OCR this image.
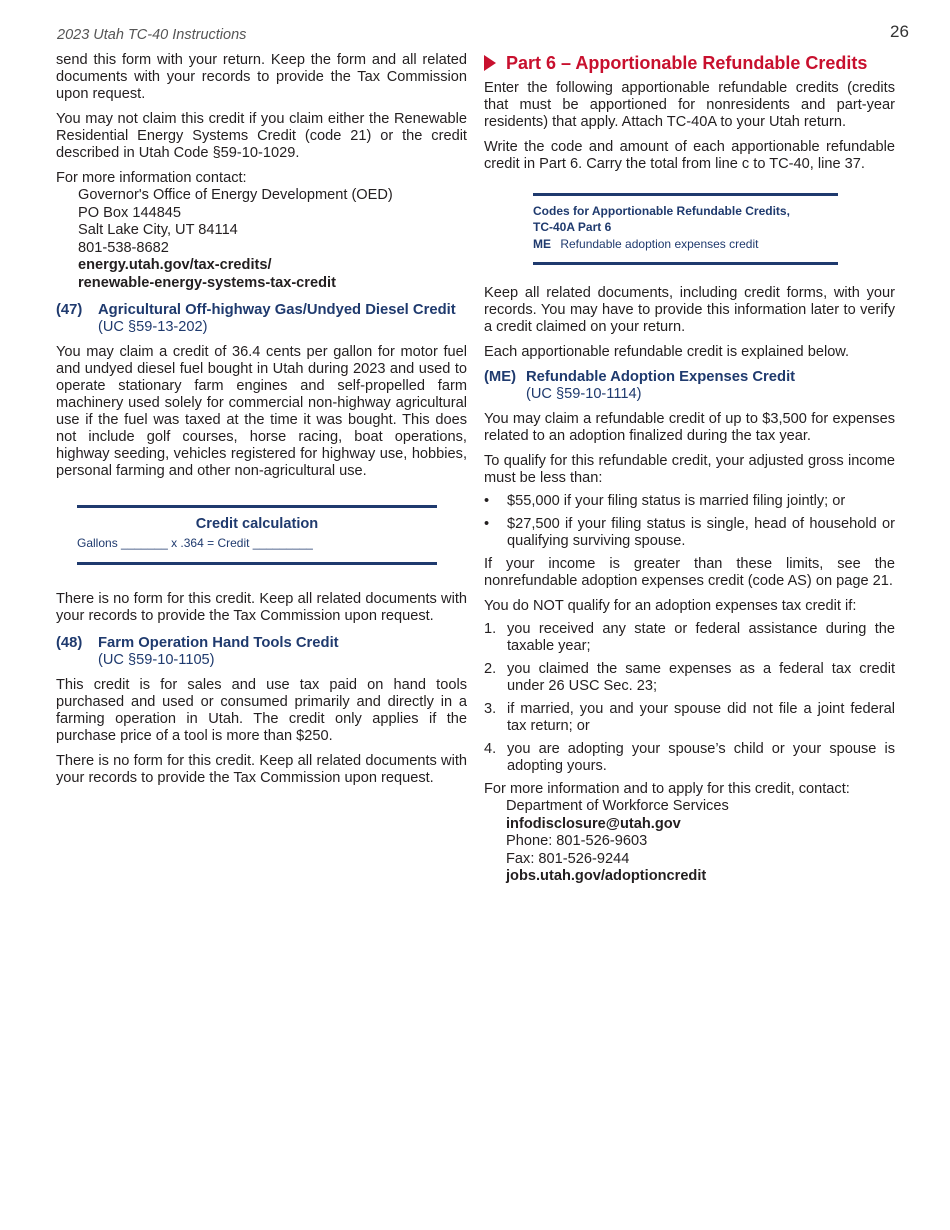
2023 Utah TC-40 Instructions	26

send this form with your return. Keep the form and all related documents with your records to provide the Tax Commission upon request.

You may not claim this credit if you claim either the Renewable Residential Energy Systems Credit (code 21) or the credit described in Utah Code §59-10-1029.

For more information contact:

Governor's Office of Energy Development (OED)
PO Box 144845
Salt Lake City, UT 84114
801-538-8682
energy.utah.gov/tax-credits/
renewable-energy-systems-tax-credit
(47)	Agricultural Off-highway Gas/Undyed Diesel Credit
(UC §59-13-202)

You may claim a credit of 36.4 cents per gallon for motor fuel and undyed diesel fuel bought in Utah during 2023 and used to operate stationary farm engines and self-propelled farm machinery used solely for commercial non-highway agricultural use if the fuel was taxed at the time it was bought. This does not include golf courses, horse racing, boat operations, highway seeding, vehicles registered for highway use, hobbies, personal farming and other non-agricultural use.

Credit calculation
Gallons _______ x .364 = Credit _________

There is no form for this credit. Keep all related documents with your records to provide the Tax Commission upon request.

(48)	Farm Operation Hand Tools Credit
(UC §59-10-1105)

This credit is for sales and use tax paid on hand tools purchased and used or consumed primarily and directly in a farming operation in Utah. The credit only applies if the purchase price of a tool is more than $250.

There is no form for this credit. Keep all related documents with your records to provide the Tax Commission upon request.

Part 6 – Apportionable Refundable Credits

Enter the following apportionable refundable credits (credits that must be apportioned for nonresidents and part-year residents) that apply. Attach TC-40A to your Utah return.

Write the code and amount of each apportionable refundable credit in Part 6. Carry the total from line c to TC-40, line 37.

Codes for Apportionable Refundable Credits,
TC-40A Part 6
ME Refundable adoption expenses credit

Keep all related documents, including credit forms, with your records. You may have to provide this information later to verify a credit claimed on your return.

Each apportionable refundable credit is explained below.

(ME) Refundable Adoption Expenses Credit
(UC §59-10-1114)

You may claim a refundable credit of up to $3,500 for expenses related to an adoption finalized during the tax year.

To qualify for this refundable credit, your adjusted gross income must be less than:

•	$55,000 if your filing status is married filing jointly; or
•	$27,500 if your filing status is single, head of household or qualifying surviving spouse.

If your income is greater than these limits, see the nonrefundable adoption expenses credit (code AS) on page 21.

You do NOT qualify for an adoption expenses tax credit if:

1. you received any state or federal assistance during the taxable year;
2. you claimed the same expenses as a federal tax credit under 26 USC Sec. 23;
3. if married, you and your spouse did not file a joint federal tax return; or
4. you are adopting your spouse’s child or your spouse is adopting yours.

For more information and to apply for this credit, contact:

Department of Workforce Services
infodisclosure@utah.gov
Phone: 801-526-9603
Fax: 801-526-9244
jobs.utah.gov/adoptioncredit
